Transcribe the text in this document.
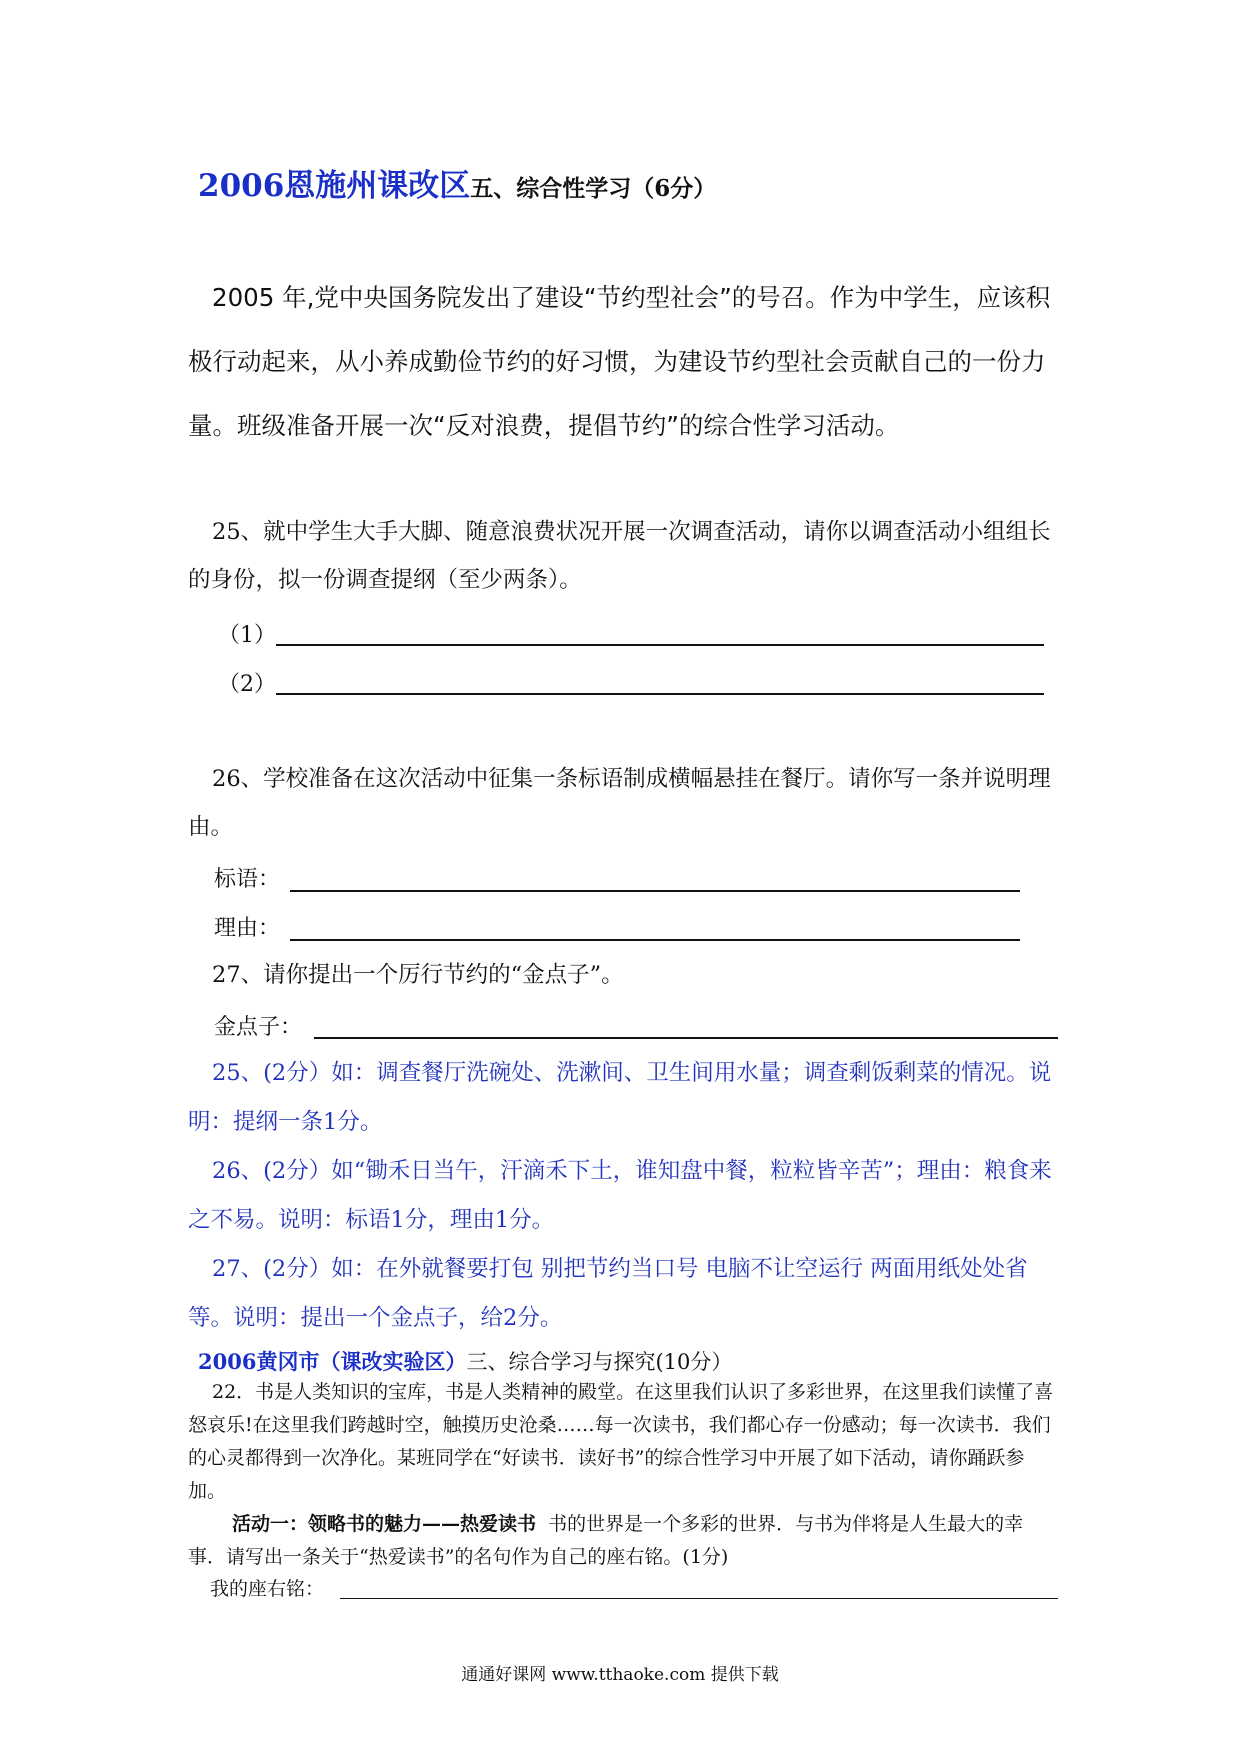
2006恩施州课改区五、综合性学习（6分）
2005 年,党中央国务院发出了建设“节约型社会”的号召。作为中学生，应该积极行动起来，从小养成勤俭节约的好习惯，为建设节约型社会贡献自己的一份力量。班级准备开展一次“反对浪费，提倡节约”的综合性学习活动。
25、就中学生大手大脚、随意浪费状况开展一次调查活动，请你以调查活动小组组长的身份，拟一份调查提纲（至少两条）。
（1）
（2）
26、学校准备在这次活动中征集一条标语制成横幅悬挂在餐厅。请你写一条并说明理由。
标语：
理由：
27、请你提出一个厉行节约的“金点子”。
金点子：
25、(2分）如：调查餐厅洗碗处、洗漱间、卫生间用水量；调查剩饭剩菜的情况。说明：提纲一条1分。
26、(2分）如“锄禾日当午，汗滴禾下土，谁知盘中餐，粒粒皆辛苦”；理由：粮食来之不易。说明：标语1分，理由1分。
27、(2分）如：在外就餐要打包 别把节约当口号 电脑不让空运行 两面用纸处处省等。说明：提出一个金点子，给2分。
2006黄冈市（课改实验区）三、综合学习与探究(10分）
22．书是人类知识的宝库，书是人类精神的殿堂。在这里我们认识了多彩世界，在这里我们读懂了喜怒哀乐!在这里我们跨越时空，触摸历史沧桑……每一次读书，我们都心存一份感动；每一次读书．我们的心灵都得到一次净化。某班同学在“好读书．读好书”的综合性学习中开展了如下活动，请你踊跃参加。
活动一：领略书的魅力——热爱读书 书的世界是一个多彩的世界．与书为伴将是人生最大的幸事．请写出一条关于“热爱读书”的名句作为自己的座右铭。(1分)
我的座右铭：
通通好课网 www.tthaoke.com 提供下载
